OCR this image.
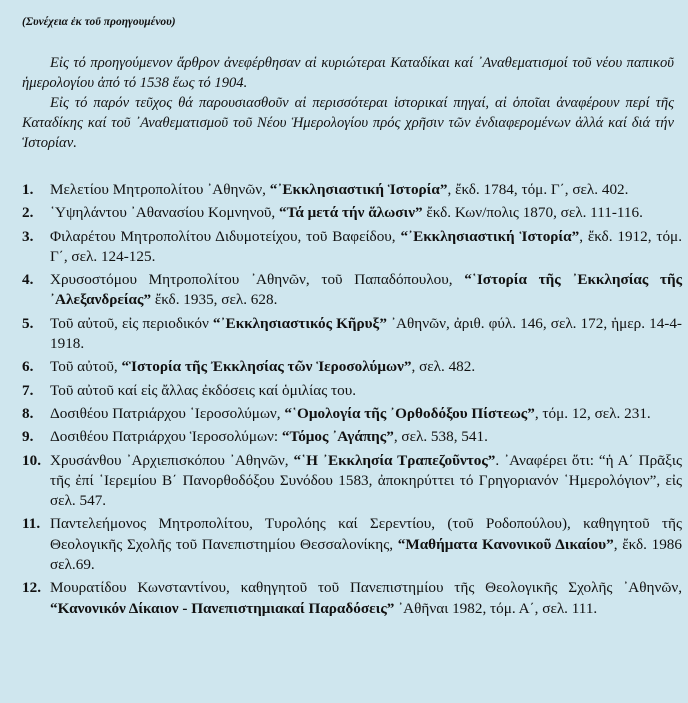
(Συνέχεια ἐκ τοῦ προηγουμένου)

Εἰς τό προηγούμενον ἄρθρον ἀνεφέρθησαν αἱ κυριώτεραι Καταδίκαι καί ᾿Αναθεματισμοί τοῦ νέου παπικοῦ ἡμερολογίου ἀπό τό 1538 ἕως τό 1904.

Εἰς τό παρόν τεῦχος θά παρουσιασθοῦν αἱ περισσότεραι ἱστορικαί πηγαί, αἱ ὁποῖαι ἀναφέρουν περί τῆς Καταδίκης καί τοῦ ᾿Αναθεματισμοῦ τοῦ Νέου Ἡμερολογίου πρός χρῆσιν τῶν ἐνδιαφερομένων ἀλλά καί διά τήν Ἱστορίαν.

1.	Μελετίου Μητροπολίτου ᾿Αθηνῶν, “᾿Εκκλησιαστική Ἱστορία”, ἔκδ. 1784, τόμ. Γ΄, σελ. 402.
2.	῾Υψηλάντου ᾿Αθανασίου Κομνηνοῦ, “Τά μετά τήν ἅλωσιν” ἔκδ. Κων/πολις 1870, σελ. 111-116.
3.	Φιλαρέτου Μητροπολίτου Διδυμοτείχου, τοῦ Βαφείδου, “᾿Εκκλησιαστική Ἱστορία”, ἔκδ. 1912, τόμ. Γ΄, σελ. 124-125.
4.	Χρυσοστόμου Μητροπολίτου ᾿Αθηνῶν, τοῦ Παπαδόπουλου, “῾Ιστορία τῆς ᾿Εκκλησίας τῆς ᾿Αλεξανδρείας” ἔκδ. 1935, σελ. 628.
5.	Τοῦ αὐτοῦ, εἰς περιοδικόν “᾿Εκκλησιαστικός Κῆρυξ” ᾿Αθηνῶν, ἀριθ. φύλ. 146, σελ. 172, ἡμερ. 14-4-1918.
6.	Τοῦ αὐτοῦ, “Ἱστορία τῆς Ἐκκλησίας τῶν Ἱεροσολύμων”, σελ. 482.
7.	Τοῦ αὐτοῦ καί εἰς ἄλλας ἐκδόσεις καί ὁμιλίας του.
8.	Δοσιθέου Πατριάρχου ῾Ιεροσολύμων, “῾Ομολογία τῆς ᾿Ορθοδόξου Πίστεως”, τόμ. 12, σελ. 231.
9.	Δοσιθέου Πατριάρχου Ἱεροσολύμων: “Τόμος ᾿Αγάπης”, σελ. 538, 541.
10. Χρυσάνθου ᾿Αρχιεπισκόπου ᾿Αθηνῶν, “῾Η ᾿Εκκλησία Τραπεζοῦντος”. ᾿Αναφέρει ὅτι: “ἡ Α΄ Πρᾶξις τῆς ἐπί ῾Ιερεμίου Β΄ Πανορθοδόξου Συνόδου 1583, ἀποκηρύττει τό Γρηγοριανόν ῾Ημερολόγιον”, εἰς σελ. 547.
11. Παντελεήμονος Μητροπολίτου, Τυρολόης καί Σερεντίου, (τοῦ Ροδοπούλου), καθηγητοῦ τῆς Θεολογικῆς Σχολῆς τοῦ Πανεπιστημίου Θεσσαλονίκης, “Μαθήματα Κανονικοῦ Δικαίου”, ἔκδ. 1986 σελ.69.
12. Μουρατίδου Κωνσταντίνου, καθηγητοῦ τοῦ Πανεπιστημίου τῆς Θεολογικῆς Σχολῆς ᾿Αθηνῶν, “Κανονικόν Δίκαιον - Πανεπιστημιακαί Παραδόσεις” ᾿Αθῆναι 1982, τόμ. Α΄, σελ. 111.
